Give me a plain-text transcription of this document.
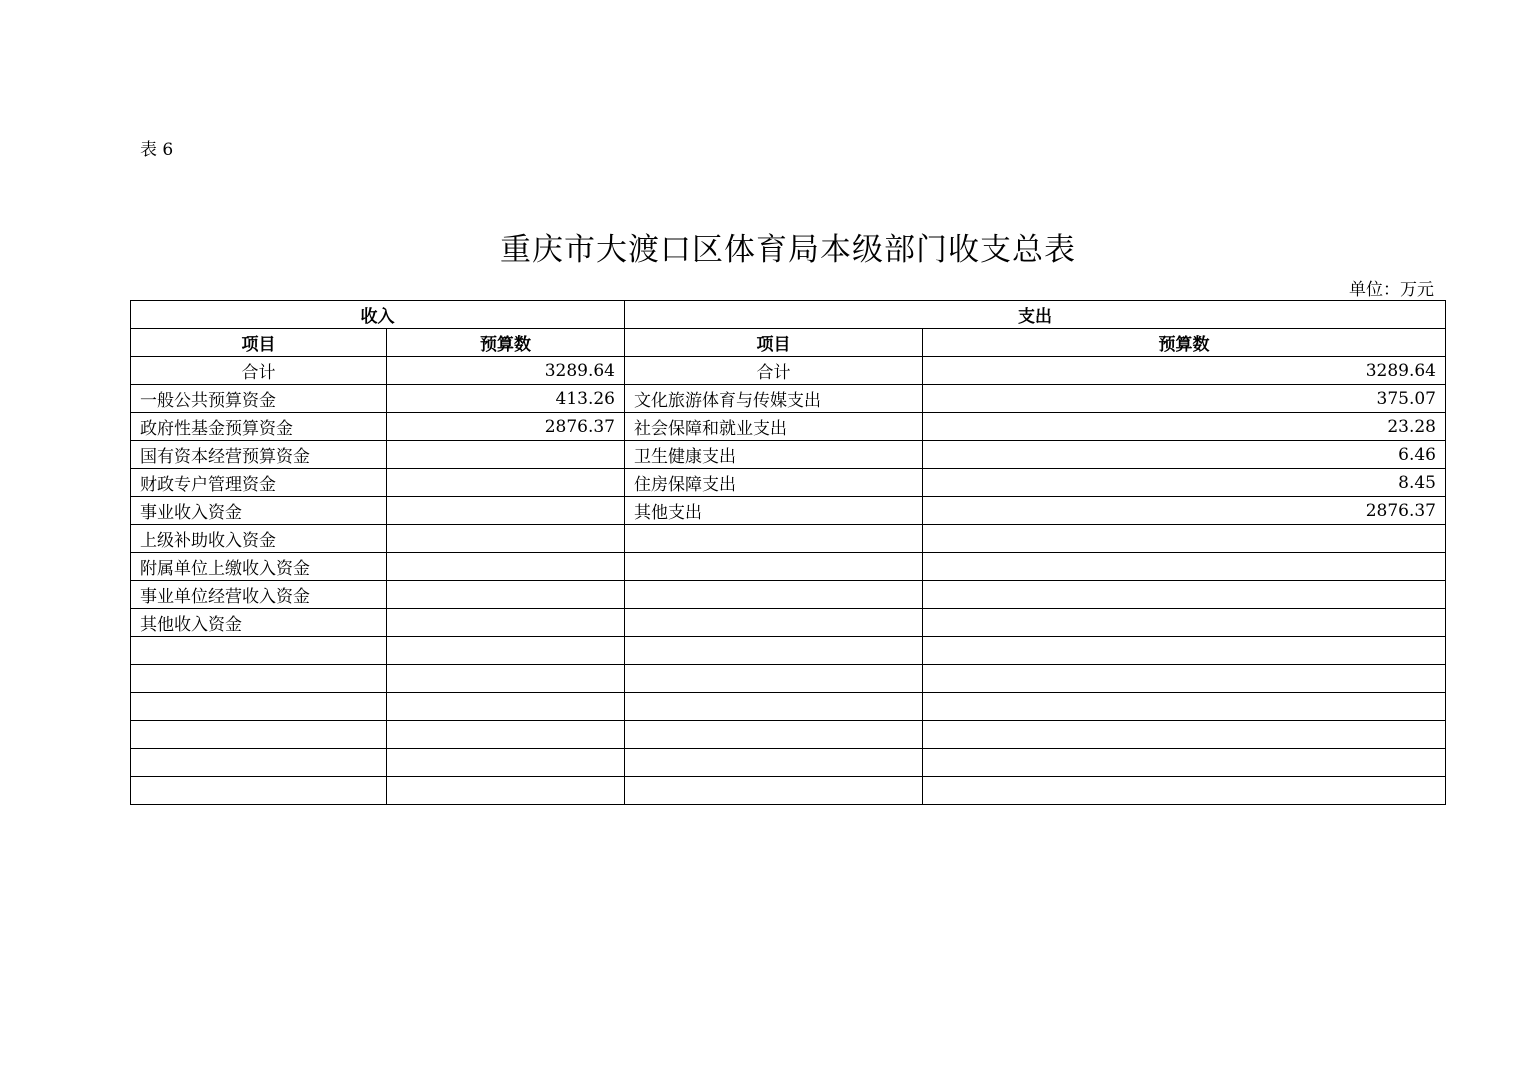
表 6
重庆市大渡口区体育局本级部门收支总表
单位：万元
收入		支出	
项目	预算数	项目	预算数
合计	3289.64	合计	3289.64
一般公共预算资金	413.26	文化旅游体育与传媒支出	375.07
政府性基金预算资金	2876.37	社会保障和就业支出	23.28
国有资本经营预算资金		卫生健康支出	6.46
财政专户管理资金		住房保障支出	8.45
事业收入资金		其他支出	2876.37
上级补助收入资金			
附属单位上缴收入资金			
事业单位经营收入资金			
其他收入资金			
